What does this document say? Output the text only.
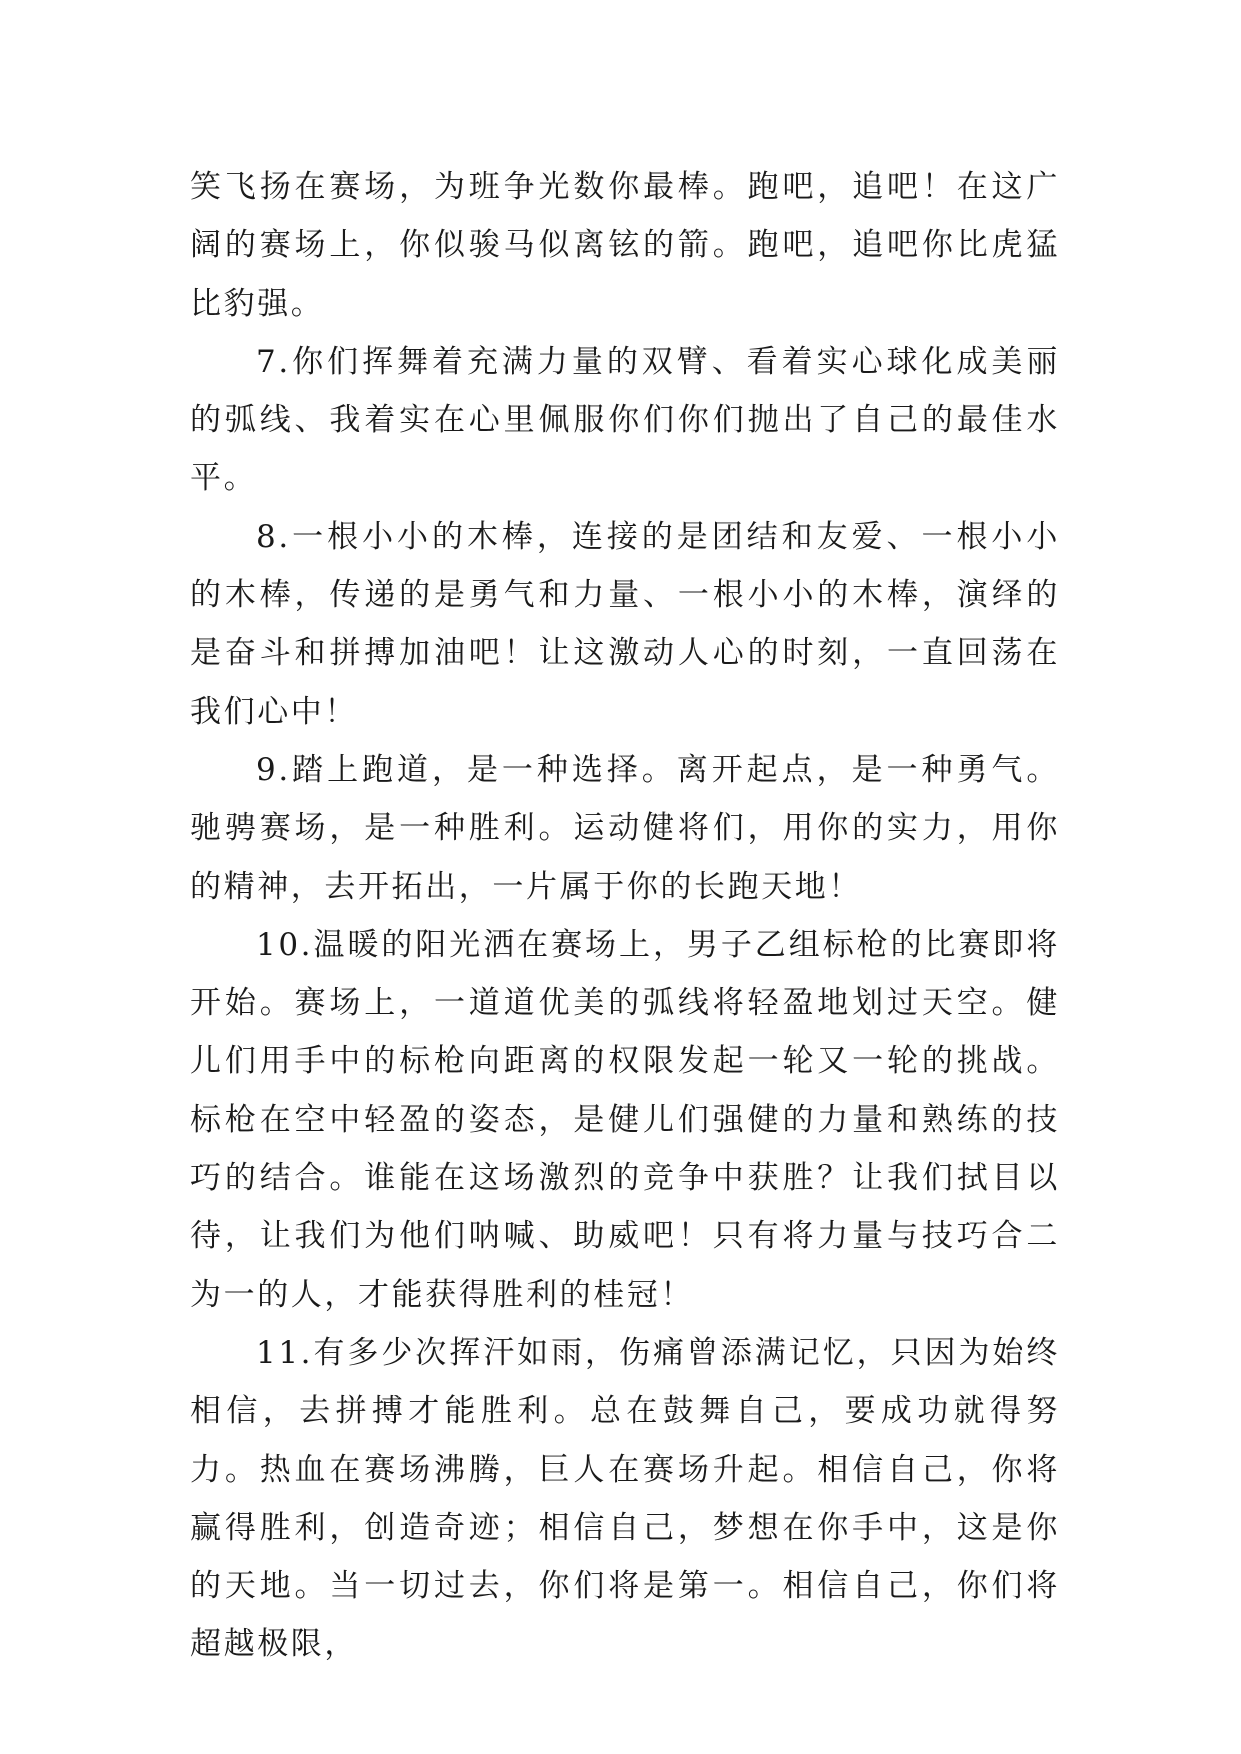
笑飞扬在赛场，为班争光数你最棒。跑吧，追吧！在这广阔的赛场上，你似骏马似离铉的箭。跑吧，追吧你比虎猛比豹强。

7.你们挥舞着充满力量的双臂、看着实心球化成美丽的弧线、我着实在心里佩服你们你们抛出了自己的最佳水平。

8.一根小小的木棒，连接的是团结和友爱、一根小小的木棒，传递的是勇气和力量、一根小小的木棒，演绎的是奋斗和拼搏加油吧！让这激动人心的时刻，一直回荡在我们心中！

9.踏上跑道，是一种选择。离开起点，是一种勇气。驰骋赛场，是一种胜利。运动健将们，用你的实力，用你的精神，去开拓出，一片属于你的长跑天地！

10.温暖的阳光洒在赛场上，男子乙组标枪的比赛即将开始。赛场上，一道道优美的弧线将轻盈地划过天空。健儿们用手中的标枪向距离的权限发起一轮又一轮的挑战。标枪在空中轻盈的姿态，是健儿们强健的力量和熟练的技巧的结合。谁能在这场激烈的竞争中获胜？让我们拭目以待，让我们为他们呐喊、助威吧！只有将力量与技巧合二为一的人，才能获得胜利的桂冠！

11.有多少次挥汗如雨，伤痛曾添满记忆，只因为始终相信，去拼搏才能胜利。总在鼓舞自己，要成功就得努力。热血在赛场沸腾，巨人在赛场升起。相信自己，你将赢得胜利，创造奇迹；相信自己，梦想在你手中，这是你的天地。当一切过去，你们将是第一。相信自己，你们将超越极限，
